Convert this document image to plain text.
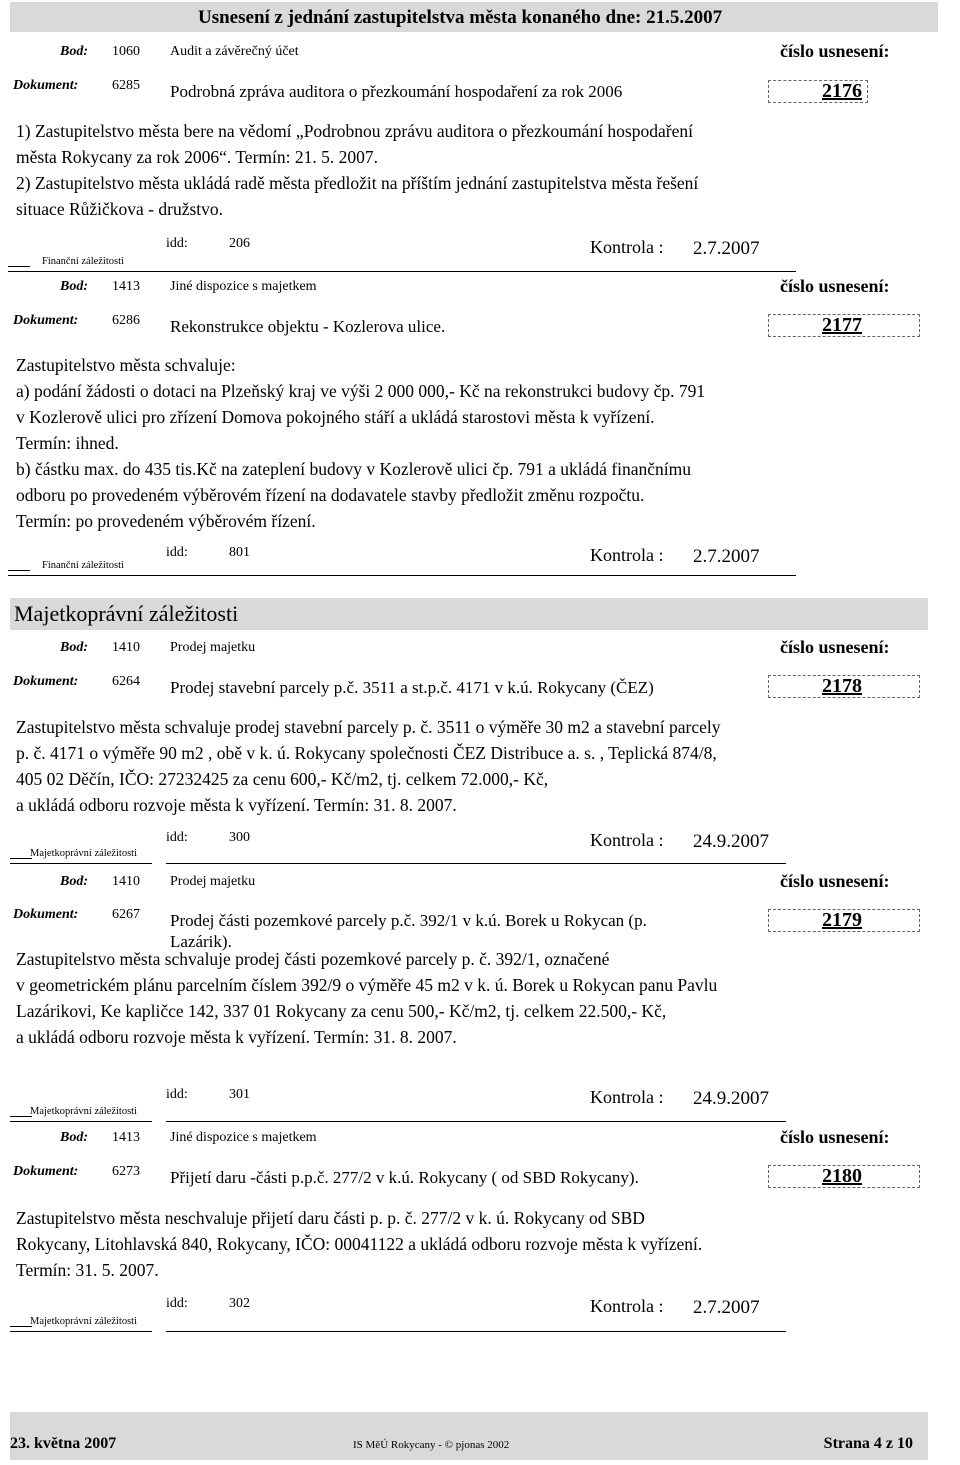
Usnesení z jednání zastupitelstva města konaného dne: 21.5.2007
Majetkoprávní záležitosti
Bod: 1060 Audit a závěrečný účet	číslo usnesení:
Dokument: 6285 Podrobná zpráva auditora o přezkoumání hospodaření za rok 2006	2176
1) Zastupitelstvo města bere na vědomí „Podrobnou zprávu auditora o přezkoumání hospodaření
města Rokycany za rok 2006“. Termín: 21. 5. 2007.
2) Zastupitelstvo města ukládá radě města předložit na příštím jednání zastupitelstva města řešení
situace Růžičkova - družstvo.
Finanční záležitosti
idd:	206	Kontrola : 2.7.2007
Bod: 1413 Jiné dispozice s majetkem	číslo usnesení:
Dokument: 6286 Rekonstrukce objektu - Kozlerova ulice.	2177
Zastupitelstvo města schvaluje:
a) podání žádosti o dotaci na Plzeňský kraj ve výši 2 000 000,- Kč na rekonstrukci budovy čp. 791
v Kozlerově ulici pro zřízení Domova pokojného stáří a ukládá starostovi města k vyřízení.
Termín: ihned.
b) částku max. do 435 tis.Kč na zateplení budovy v Kozlerově ulici čp. 791 a ukládá finančnímu
odboru po provedeném výběrovém řízení na dodavatele stavby předložit změnu rozpočtu.
Termín: po provedeném výběrovém řízení.
Finanční záležitosti
idd:	801	Kontrola : 2.7.2007
Bod: 1410 Prodej majetku	číslo usnesení:
Dokument: 6264 Prodej stavební parcely p.č. 3511 a st.p.č. 4171 v k.ú. Rokycany (ČEZ)	2178
Zastupitelstvo města schvaluje prodej stavební parcely p. č. 3511 o výměře 30 m2 a stavební parcely
p. č. 4171 o výměře 90 m2 , obě v k. ú. Rokycany společnosti ČEZ Distribuce a. s. , Teplická 874/8,
405 02 Děčín, IČO: 27232425 za cenu 600,- Kč/m2, tj. celkem 72.000,- Kč,
a ukládá odboru rozvoje města k vyřízení. Termín: 31. 8. 2007.
Majetkoprávní záležitosti
idd:	300	Kontrola : 24.9.2007
Bod: 1410 Prodej majetku	číslo usnesení:
Dokument: 6267 Prodej části pozemkové parcely p.č. 392/1 v k.ú. Borek u Rokycan (p.
Lazárik).
2179
Zastupitelstvo města schvaluje prodej části pozemkové parcely p. č. 392/1, označené
v geometrickém plánu parcelním číslem 392/9 o výměře 45 m2 v k. ú. Borek u Rokycan panu Pavlu
Lazárikovi, Ke kapličce 142, 337 01 Rokycany za cenu 500,- Kč/m2, tj. celkem 22.500,- Kč,
a ukládá odboru rozvoje města k vyřízení. Termín: 31. 8. 2007.
Majetkoprávní záležitosti
idd:	301	Kontrola : 24.9.2007
Bod: 1413 Jiné dispozice s majetkem	číslo usnesení:
Dokument: 6273 Přijetí daru -části p.p.č. 277/2 v k.ú. Rokycany ( od SBD Rokycany).	2180
Zastupitelstvo města neschvaluje přijetí daru části p. p. č. 277/2 v k. ú. Rokycany od SBD
Rokycany, Litohlavská 840, Rokycany, IČO: 00041122 a ukládá odboru rozvoje města k vyřízení.
Termín: 31. 5. 2007.
Majetkoprávní záležitosti
idd:	302	Kontrola : 2.7.2007
23. května 2007	IS MěÚ Rokycany - © pjonas 2002	Strana 4 z 10
